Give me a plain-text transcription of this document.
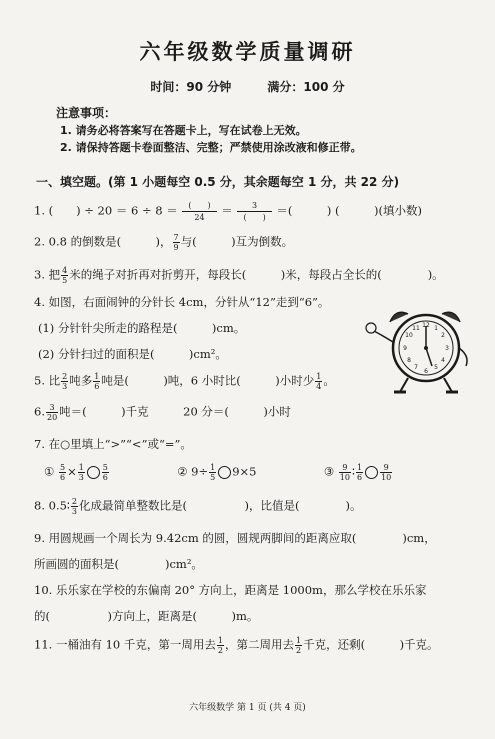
六年级数学质量调研
时间：90 分钟	满分：100 分
注意事项：
1. 请务必将答案写在答题卡上，写在试卷上无效。
2. 请保持答题卡卷面整洁、完整；严禁使用涂改液和修正带。
一、填空题。(第 1 小题每空 0.5 分，其余题每空 1 分，共 22 分)
1. (　　) ÷ $20 = 6 \div 8 = \frac{( )}{24} = \frac{3}{( )}$ ＝(　　　) (　　　)(填小数)
2. 0.8 的倒数是(　　　)， $\frac{7}{9}$ 与(　　　)互为倒数。
3. 把 $\frac{4}{5}$ 米的绳子对折再对折剪开，每段长(　　　)米，每段占全长的(　　　　)。
4. 如图，右面闹钟的分针长 4cm，分针从“12”走到“6”。
(1) 分针针尖所走的路程是(　　　)cm。
(2) 分针扫过的面积是(　　　)cm²。
12 1
2
3
4
5
6
7
8
9
10
11
5. 比 $\frac{2}{3}$ 吨多 $\frac{1}{6}$ 吨是(　　　)吨，6 小时比(　　　)小时少 $\frac{1}{4}$ 。
6. $\frac{3}{20}$ 吨＝(　　　)千克　　　20 分＝(　　　)小时
7. 在○里填上“>”“<”或“=”。
① $\frac{5}{6} \times \frac{1}{3} \frac{5}{6}$	② $9\div \frac{1}{5} 9\times 5$	③ $\frac{9}{10}$ ∶ $\frac{1}{6} \frac{9}{10}$
8. 0.5∶ $\frac{2}{3}$ 化成最简单整数比是(　　　　　)，比值是(　　　　)。
9. 用圆规画一个周长为 9.42cm 的圆，圆规两脚间的距离应取(　　　　)cm，
所画圆的面积是(　　　　)cm²。
10. 乐乐家在学校的东偏南 20° 方向上，距离是 1000m，那么学校在乐乐家
的(　　　　　)方向上，距离是(　　　)m。
11. 一桶油有 10 千克，第一周用去 $\frac{1}{2}$ ，第二周用去 $\frac{1}{2}$ 千克，还剩(　　　)千克。
六年级数学 第 1 页 (共 4 页)
